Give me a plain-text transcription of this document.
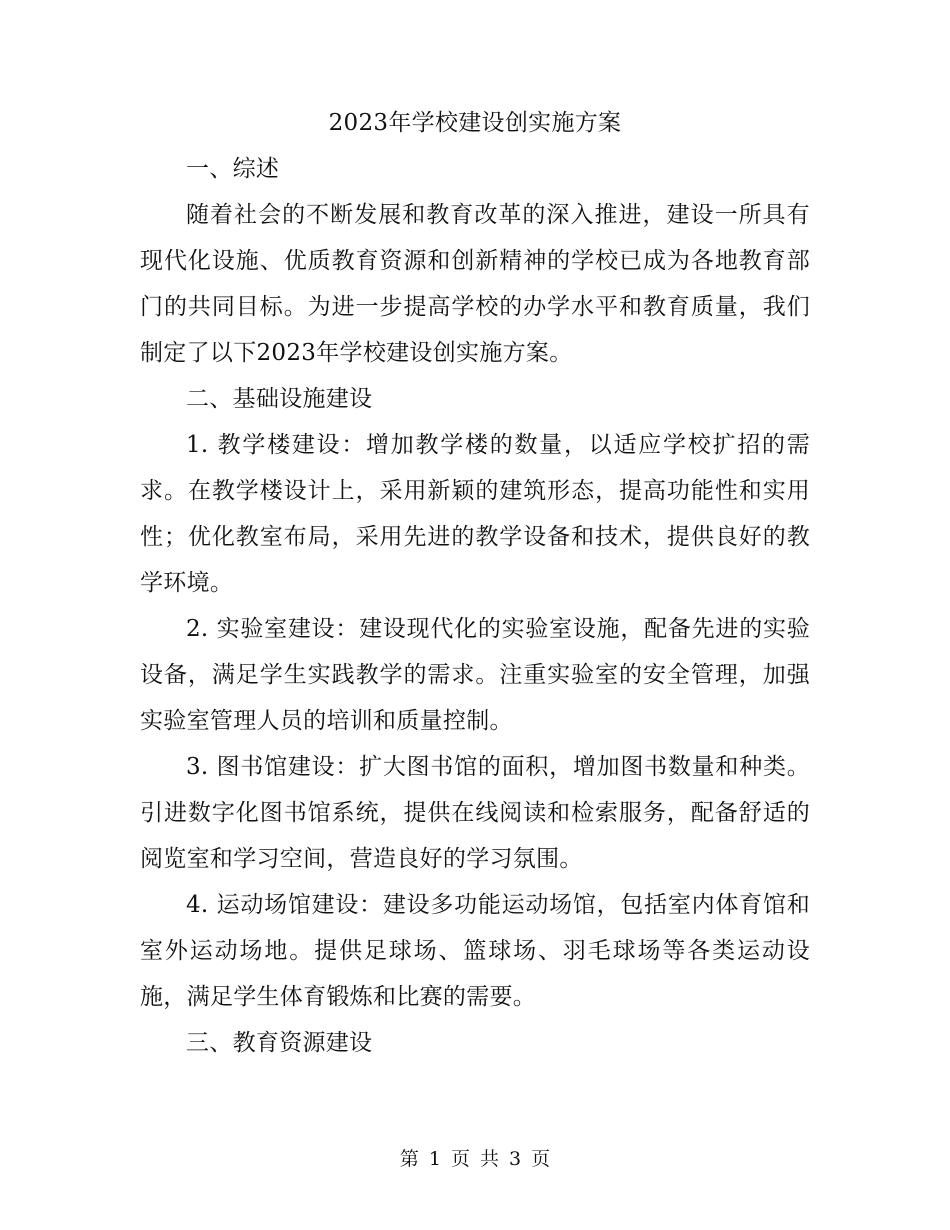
2023年学校建设创实施方案

一、综述

随着社会的不断发展和教育改革的深入推进，建设一所具有现代化设施、优质教育资源和创新精神的学校已成为各地教育部门的共同目标。为进一步提高学校的办学水平和教育质量，我们制定了以下2023年学校建设创实施方案。

二、基础设施建设

1. 教学楼建设：增加教学楼的数量，以适应学校扩招的需求。在教学楼设计上，采用新颖的建筑形态，提高功能性和实用性；优化教室布局，采用先进的教学设备和技术，提供良好的教学环境。

2. 实验室建设：建设现代化的实验室设施，配备先进的实验设备，满足学生实践教学的需求。注重实验室的安全管理，加强实验室管理人员的培训和质量控制。

3. 图书馆建设：扩大图书馆的面积，增加图书数量和种类。引进数字化图书馆系统，提供在线阅读和检索服务，配备舒适的阅览室和学习空间，营造良好的学习氛围。

4. 运动场馆建设：建设多功能运动场馆，包括室内体育馆和室外运动场地。提供足球场、篮球场、羽毛球场等各类运动设施，满足学生体育锻炼和比赛的需要。

三、教育资源建设

第 1 页 共 3 页
